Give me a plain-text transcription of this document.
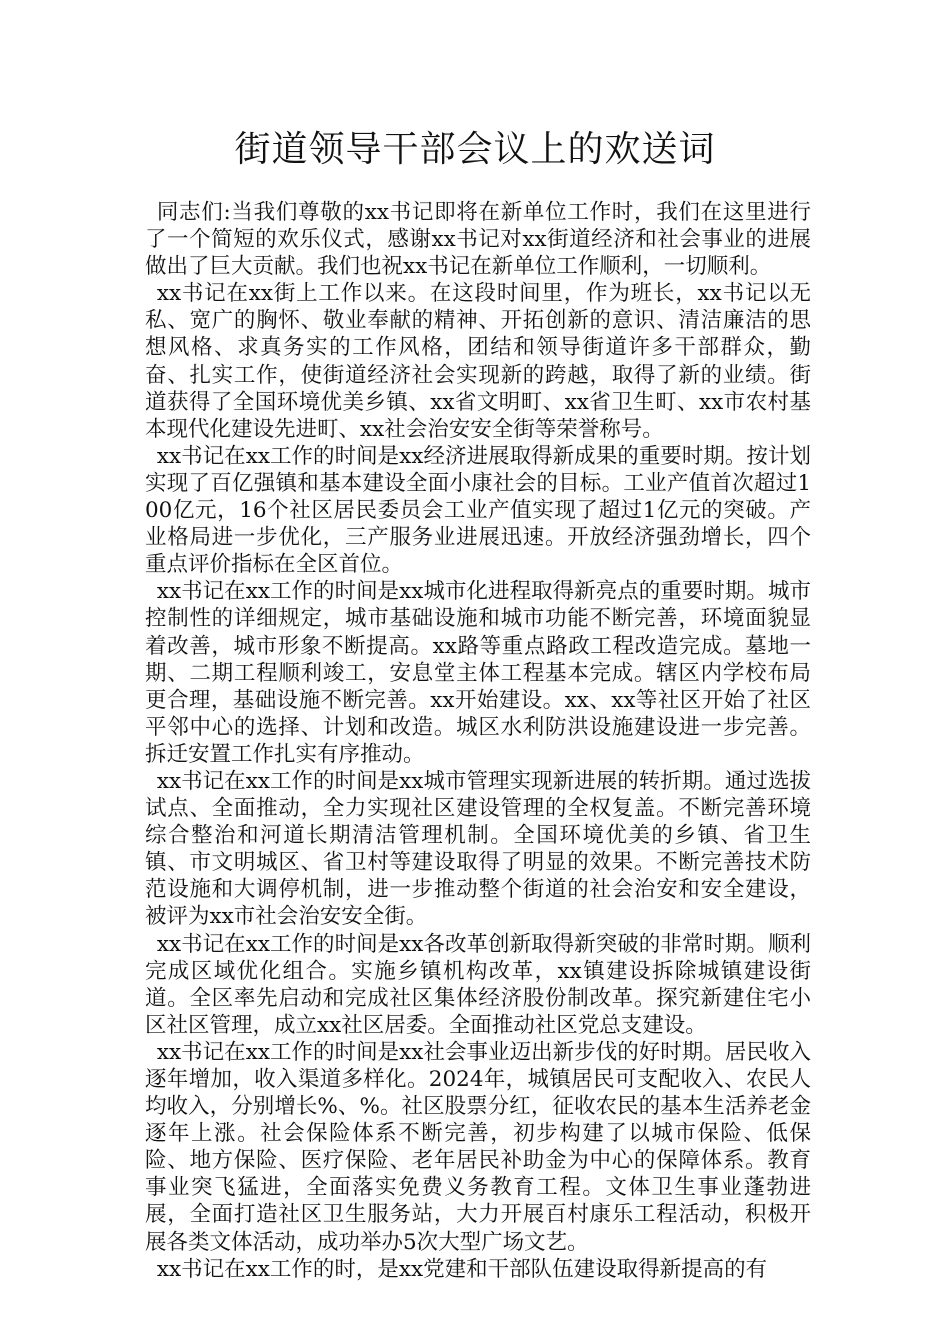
街道领导干部会议上的欢送词

同志们:当我们尊敬的xx书记即将在新单位工作时，我们在这里进行了一个简短的欢乐仪式，感谢xx书记对xx街道经济和社会事业的进展做出了巨大贡献。我们也祝xx书记在新单位工作顺利，一切顺利。

xx书记在xx街上工作以来。在这段时间里，作为班长，xx书记以无私、宽广的胸怀、敬业奉献的精神、开拓创新的意识、清洁廉洁的思想风格、求真务实的工作风格，团结和领导街道许多干部群众，勤奋、扎实工作，使街道经济社会实现新的跨越，取得了新的业绩。街道获得了全国环境优美乡镇、xx省文明町、xx省卫生町、xx市农村基本现代化建设先进町、xx社会治安安全街等荣誉称号。

xx书记在xx工作的时间是xx经济进展取得新成果的重要时期。按计划实现了百亿强镇和基本建设全面小康社会的目标。工业产值首次超过100亿元，16个社区居民委员会工业产值实现了超过1亿元的突破。产业格局进一步优化，三产服务业进展迅速。开放经济强劲增长，四个重点评价指标在全区首位。

xx书记在xx工作的时间是xx城市化进程取得新亮点的重要时期。城市控制性的详细规定，城市基础设施和城市功能不断完善，环境面貌显着改善，城市形象不断提高。xx路等重点路政工程改造完成。墓地一期、二期工程顺利竣工，安息堂主体工程基本完成。辖区内学校布局更合理，基础设施不断完善。xx开始建设。xx、xx等社区开始了社区平邻中心的选择、计划和改造。城区水利防洪设施建设进一步完善。拆迁安置工作扎实有序推动。

xx书记在xx工作的时间是xx城市管理实现新进展的转折期。通过选拔试点、全面推动，全力实现社区建设管理的全权复盖。不断完善环境综合整治和河道长期清洁管理机制。全国环境优美的乡镇、省卫生镇、市文明城区、省卫村等建设取得了明显的效果。不断完善技术防范设施和大调停机制，进一步推动整个街道的社会治安和安全建设，被评为xx市社会治安安全街。

xx书记在xx工作的时间是xx各改革创新取得新突破的非常时期。顺利完成区域优化组合。实施乡镇机构改革，xx镇建设拆除城镇建设街道。全区率先启动和完成社区集体经济股份制改革。探究新建住宅小区社区管理，成立xx社区居委。全面推动社区党总支建设。

xx书记在xx工作的时间是xx社会事业迈出新步伐的好时期。居民收入逐年增加，收入渠道多样化。2024年，城镇居民可支配收入、农民人均收入，分别增长%、%。社区股票分红，征收农民的基本生活养老金逐年上涨。社会保险体系不断完善，初步构建了以城市保险、低保险、地方保险、医疗保险、老年居民补助金为中心的保障体系。教育事业突飞猛进，全面落实免费义务教育工程。文体卫生事业蓬勃进展，全面打造社区卫生服务站，大力开展百村康乐工程活动，积极开展各类文体活动，成功举办5次大型广场文艺。

xx书记在xx工作的时，是xx党建和干部队伍建设取得新提高的有
